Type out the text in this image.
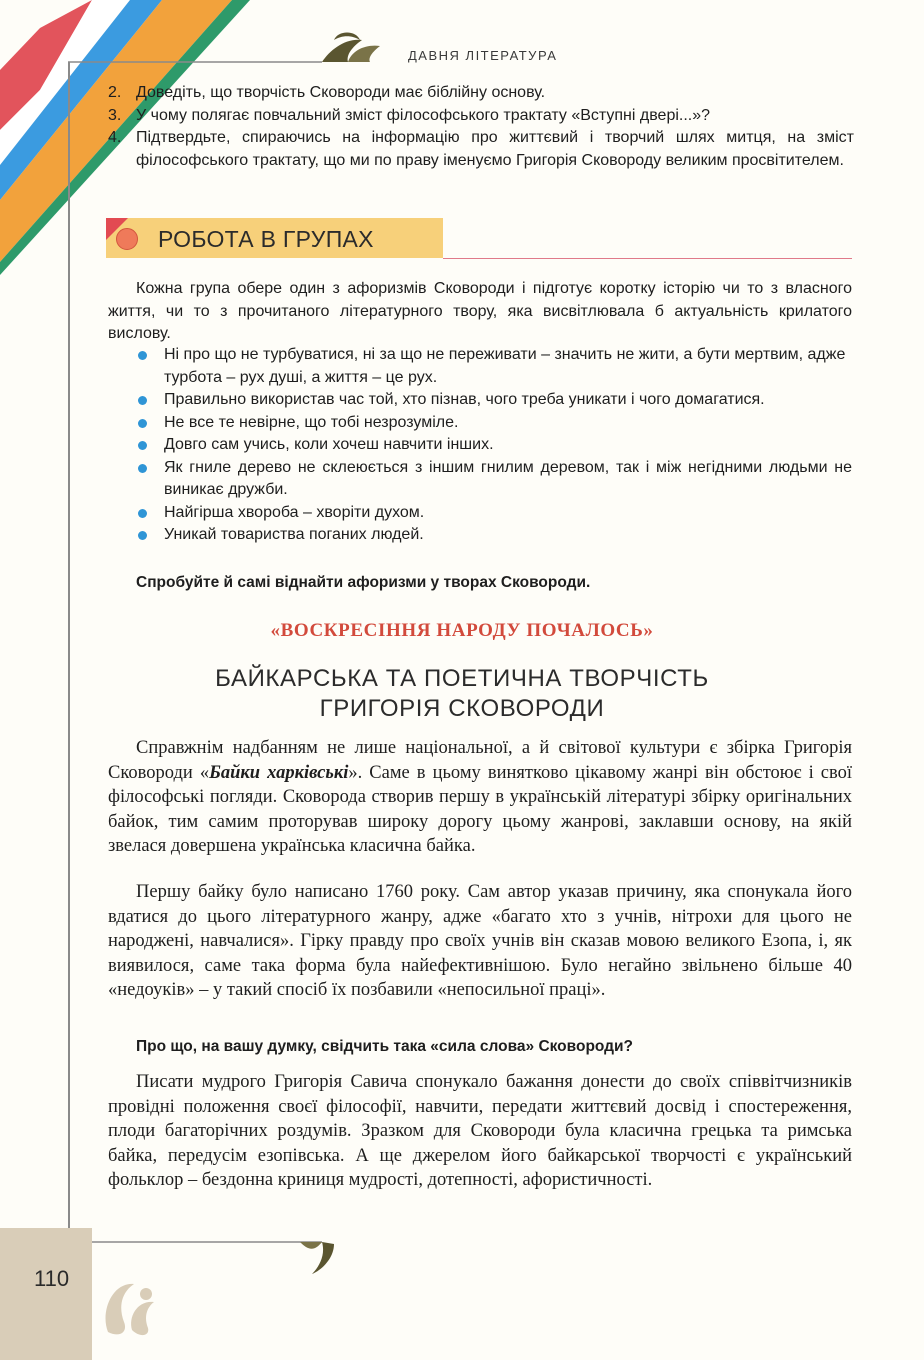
110
ДАВНЯ ЛІТЕРАТУРА
2. Доведіть, що творчість Сковороди має біблійну основу.
3. У чому полягає повчальний зміст філософського трактату «Вступні двері...»?
4. Підтвердьте, спираючись на інформацію про життєвий і творчий шлях митця, на зміст філософського трактату, що ми по праву іменуємо Григорія Сковороду великим просвітителем.
РОБОТА В ГРУПАХ

Кожна група обере один з афоризмів Сковороди і підготує коротку історію чи то з власного життя, чи то з прочитаного літературного твору, яка висвітлювала б актуальність крилатого вислову.

Ні про що не турбуватися, ні за що не переживати – значить не жити, а бути мертвим, адже турбота – рух душі, а життя – це рух.
Правильно використав час той, хто пізнав, чого треба уникати і чого домагатися.
Не все те невірне, що тобі незрозуміле.
Довго сам учись, коли хочеш навчити інших.
Як гниле дерево не склеюється з іншим гнилим деревом, так і між негідними людьми не виникає дружби.
Найгірша хвороба – хворіти духом.
Уникай товариства поганих людей.

Спробуйте й самі віднайти афоризми у творах Сковороди.

«ВОСКРЕСІННЯ НАРОДУ ПОЧАЛОСЬ»
БАЙКАРСЬКА ТА ПОЕТИЧНА ТВОРЧІСТЬ
ГРИГОРІЯ СКОВОРОДИ

Справжнім надбанням не лише національної, а й світової культури є збірка Григорія Сковороди «Байки харківські». Саме в цьому винятково цікавому жанрі він обстоює і свої філософські погляди. Сковорода створив першу в українській літературі збірку оригінальних байок, тим самим проторував широку дорогу цьому жанрові, заклавши основу, на якій звелася довершена українська класична байка.

Першу байку було написано 1760 року. Сам автор указав причину, яка спонукала його вдатися до цього літературного жанру, адже «багато хто з учнів, нітрохи для цього не народжені, навчалися». Гірку правду про своїх учнів він сказав мовою великого Езопа, і, як виявилося, саме така форма була найефективнішою. Було негайно звільнено більше 40 «недоуків» – у такий спосіб їх позбавили «непосильної праці».

Про що, на вашу думку, свідчить така «сила слова» Сковороди?

Писати мудрого Григорія Савича спонукало бажання донести до своїх співвітчизників провідні положення своєї філософії, навчити, передати життєвий досвід і спостереження, плоди багаторічних роздумів. Зразком для Сковороди була класична грецька та римська байка, передусім езопівська. А ще джерелом його байкарської творчості є український фольклор – бездонна криниця мудрості, дотепності, афористичності.
